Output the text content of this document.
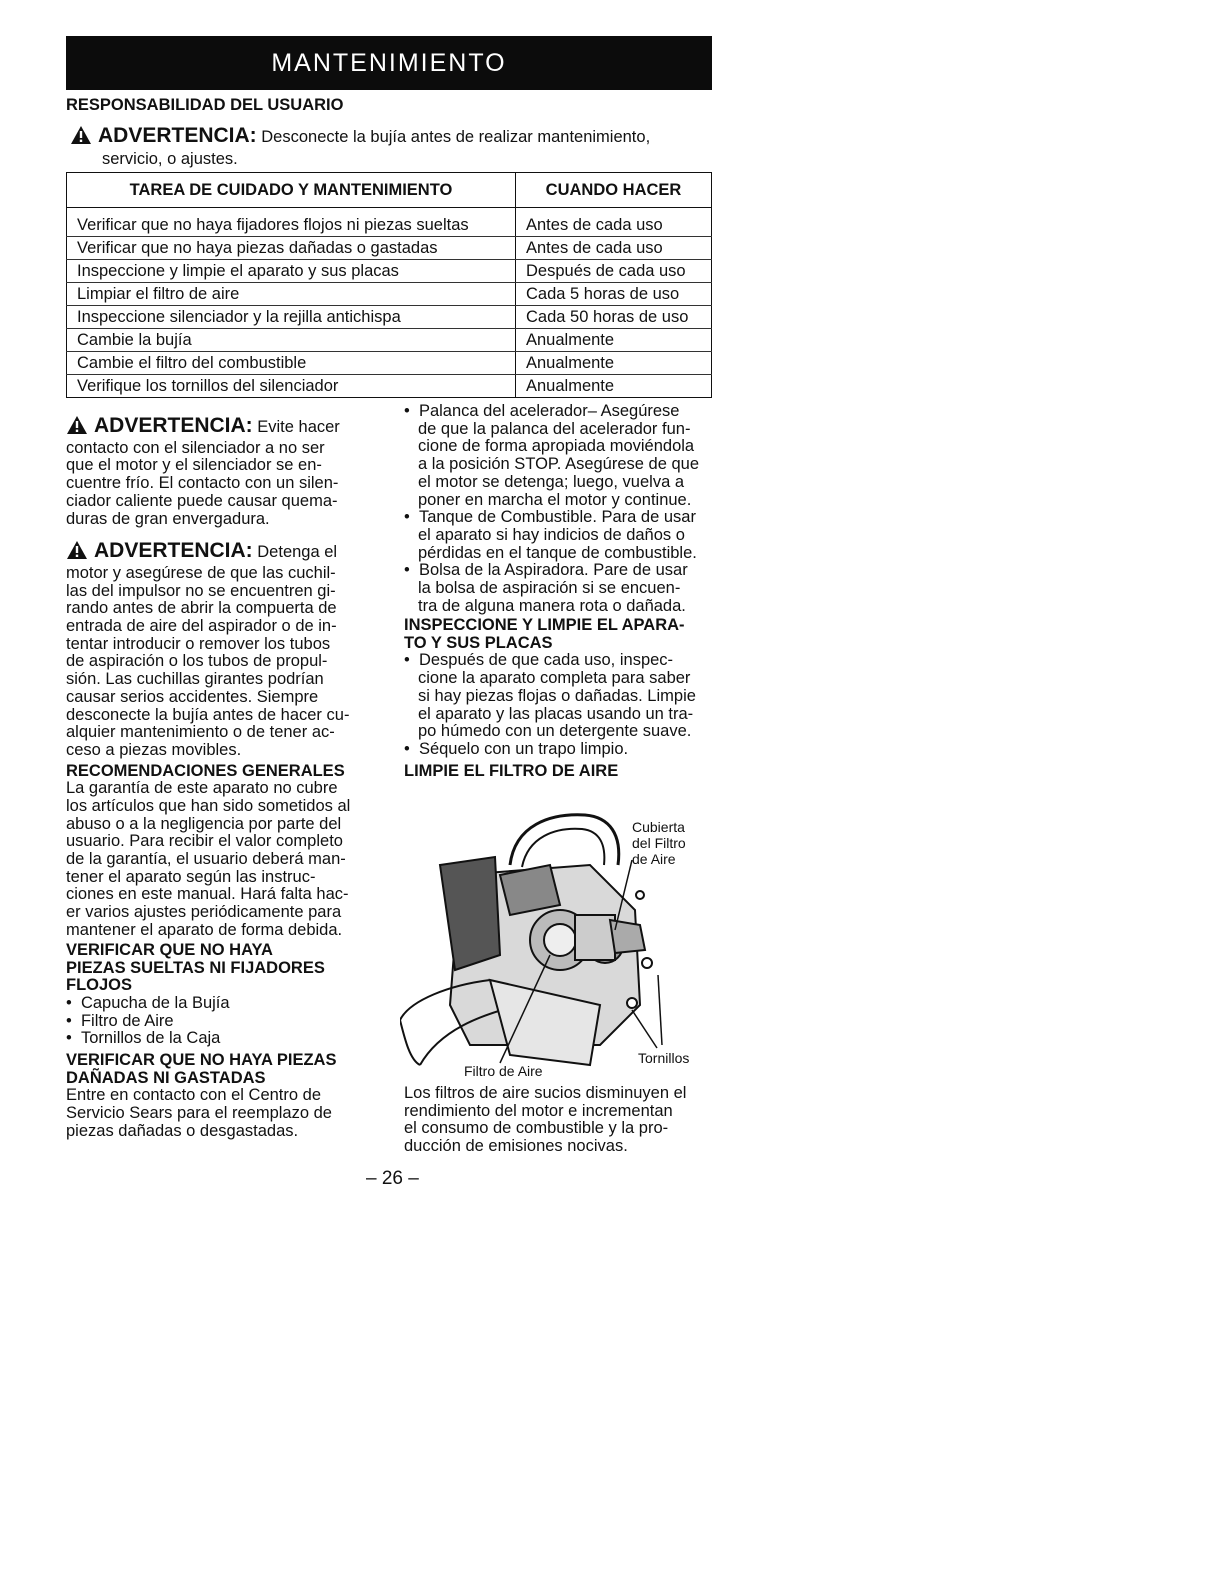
MANTENIMIENTO
RESPONSABILIDAD DEL USUARIO
ADVERTENCIA: Desconecte la bujía antes de realizar mantenimiento,
servicio, o ajustes.
TAREA DE CUIDADO Y MANTENIMIENTO	CUANDO HACER
Verificar que no haya fijadores flojos ni piezas sueltas	Antes de cada uso
Verificar que no haya piezas dañadas o gastadas	Antes de cada uso
Inspeccione y limpie el aparato y sus placas	Después de cada uso
Limpiar el filtro de aire	Cada 5 horas de uso
Inspeccione silenciador y la rejilla antichispa	Cada 50 horas de uso
Cambie la bujía	Anualmente
Cambie el filtro del combustible	Anualmente
Verifique los tornillos del silenciador	Anualmente

ADVERTENCIA: Evite hacer
contacto con el silenciador a no ser
que el motor y el silenciador se en-
cuentre frío. El contacto con un silen-
ciador caliente puede causar quema-
duras de gran envergadura.

ADVERTENCIA: Detenga el
motor y asegúrese de que las cuchil-
las del impulsor no se encuentren gi-
rando antes de abrir la compuerta de
entrada de aire del aspirador o de in-
tentar introducir o remover los tubos
de aspiración o los tubos de propul-
sión. Las cuchillas girantes podrían
causar serios accidentes. Siempre
desconecte la bujía antes de hacer cu-
alquier mantenimiento o de tener ac-
ceso a piezas movibles.

RECOMENDACIONES GENERALES

La garantía de este aparato no cubre
los artículos que han sido sometidos al
abuso o a la negligencia por parte del
usuario. Para recibir el valor completo
de la garantía, el usuario deberá man-
tener el aparato según las instruc-
ciones en este manual. Hará falta hac-
er varios ajustes periódicamente para
mantener el aparato de forma debida.

VERIFICAR QUE NO HAYA
PIEZAS SUELTAS NI FIJADORES
FLOJOS

•  Capucha de la Bujía

•  Filtro de Aire

•  Tornillos de la Caja

VERIFICAR QUE NO HAYA PIEZAS
DAÑADAS NI GASTADAS

Entre en contacto con el Centro de
Servicio Sears para el reemplazo de
piezas dañadas o desgastadas.

•  Palanca del acelerador– Asegúrese
de que la palanca del acelerador fun-
cione de forma apropiada moviéndola
a la posición STOP. Asegúrese de que
el motor se detenga; luego, vuelva a
poner en marcha el motor y continue.

•  Tanque de Combustible. Para de usar
el aparato si hay indicios de daños o
pérdidas en el tanque de combustible.

•  Bolsa de la Aspiradora. Pare de usar
la bolsa de aspiración si se encuen-
tra de alguna manera rota o dañada.

INSPECCIONE Y LIMPIE EL APARA-
TO Y SUS PLACAS

•  Después de que cada uso, inspec-
cione la aparato completa para saber
si hay piezas flojas o dañadas. Limpie
el aparato y las placas usando un tra-
po húmedo con un detergente suave.

•  Séquelo con un trapo limpio.

LIMPIE EL FILTRO DE AIRE

Cubierta
del Filtro
de Aire
Tornillos
Filtro de Aire

Los filtros de aire sucios disminuyen el
rendimiento del motor e incrementan
el consumo de combustible y la pro-
ducción de emisiones nocivas.

– 26 –
